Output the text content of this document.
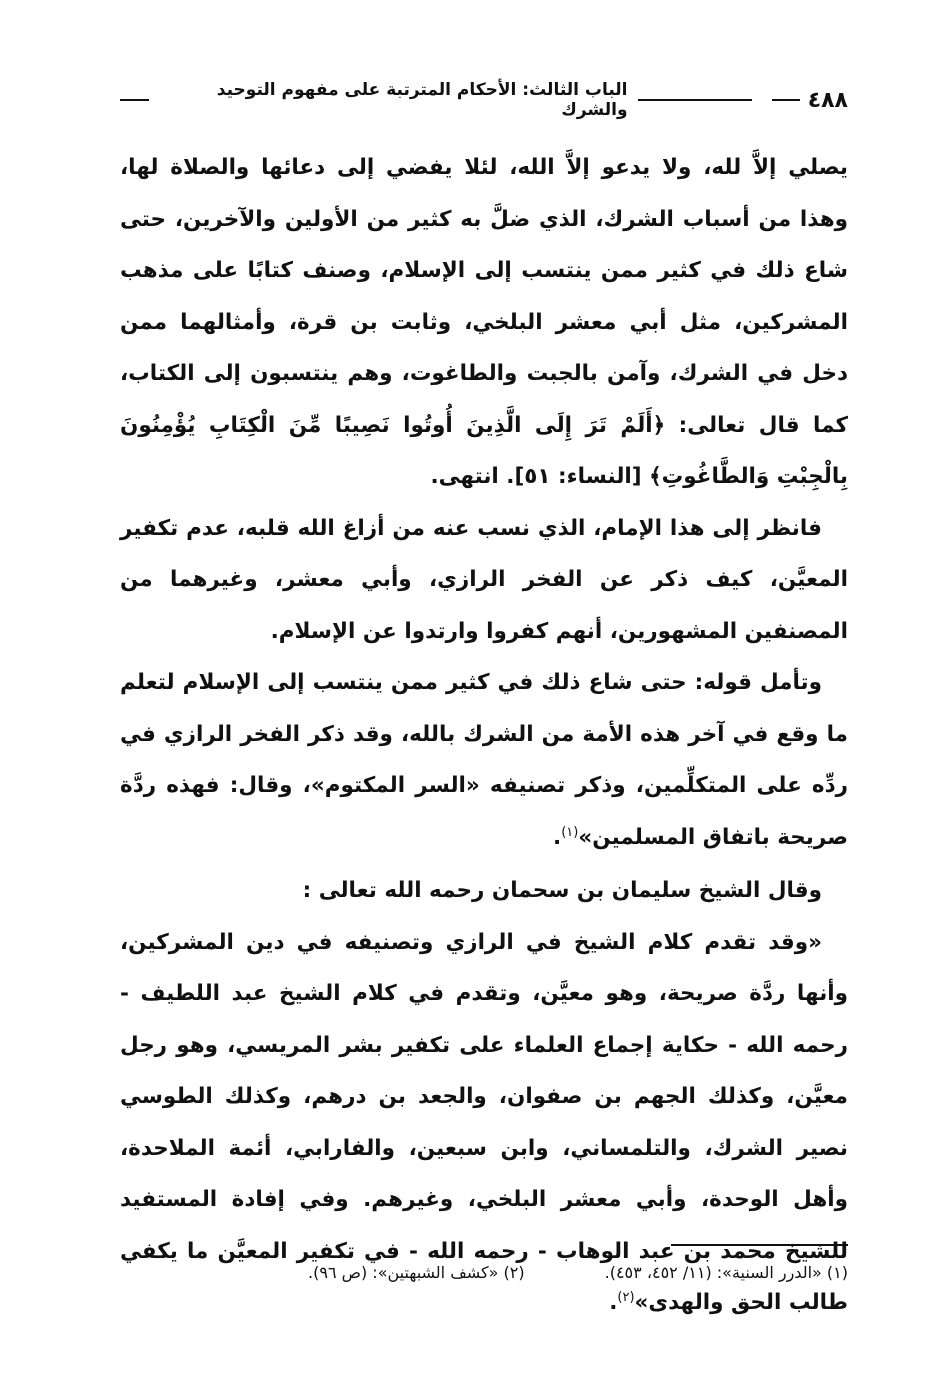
٤٨٨
الباب الثالث: الأحكام المترتبة على مفهوم التوحيد والشرك

يصلي إلاَّ لله، ولا يدعو إلاَّ الله، لئلا يفضي إلى دعائها والصلاة لها، وهذا من أسباب الشرك، الذي ضلَّ به كثير من الأولين والآخرين، حتى شاع ذلك في كثير ممن ينتسب إلى الإسلام، وصنف كتابًا على مذهب المشركين، مثل أبي معشر البلخي، وثابت بن قرة، وأمثالهما ممن دخل في الشرك، وآمن بالجبت والطاغوت، وهم ينتسبون إلى الكتاب، كما قال تعالى: ﴿أَلَمْ تَرَ إِلَى الَّذِينَ أُوتُوا نَصِيبًا مِّنَ الْكِتَابِ يُؤْمِنُونَ بِالْجِبْتِ وَالطَّاغُوتِ﴾ [النساء: ٥١]. انتهى.

فانظر إلى هذا الإمام، الذي نسب عنه من أزاغ الله قلبه، عدم تكفير المعيَّن، كيف ذكر عن الفخر الرازي، وأبي معشر، وغيرهما من المصنفين المشهورين، أنهم كفروا وارتدوا عن الإسلام.

وتأمل قوله: حتى شاع ذلك في كثير ممن ينتسب إلى الإسلام لتعلم ما وقع في آخر هذه الأمة من الشرك بالله، وقد ذكر الفخر الرازي في ردِّه على المتكلِّمين، وذكر تصنيفه «السر المكتوم»، وقال: فهذه ردَّة صريحة باتفاق المسلمين»$^{(١)}$.

وقال الشيخ سليمان بن سحمان رحمه الله تعالى :

«وقد تقدم كلام الشيخ في الرازي وتصنيفه في دين المشركين، وأنها ردَّة صريحة، وهو معيَّن، وتقدم في كلام الشيخ عبد اللطيف - رحمه الله - حكاية إجماع العلماء على تكفير بشر المريسي، وهو رجل معيَّن، وكذلك الجهم بن صفوان، والجعد بن درهم، وكذلك الطوسي نصير الشرك، والتلمساني، وابن سبعين، والفارابي، أئمة الملاحدة، وأهل الوحدة، وأبي معشر البلخي، وغيرهم. وفي إفادة المستفيد للشيخ محمد بن عبد الوهاب - رحمه الله - في تكفير المعيَّن ما يكفي طالب الحق والهدى»$^{(٢)}$.

(١) «الدرر السنية»: (١١/ ٤٥٢، ٤٥٣).
(٢) «كشف الشبهتين»: (ص ٩٦).
